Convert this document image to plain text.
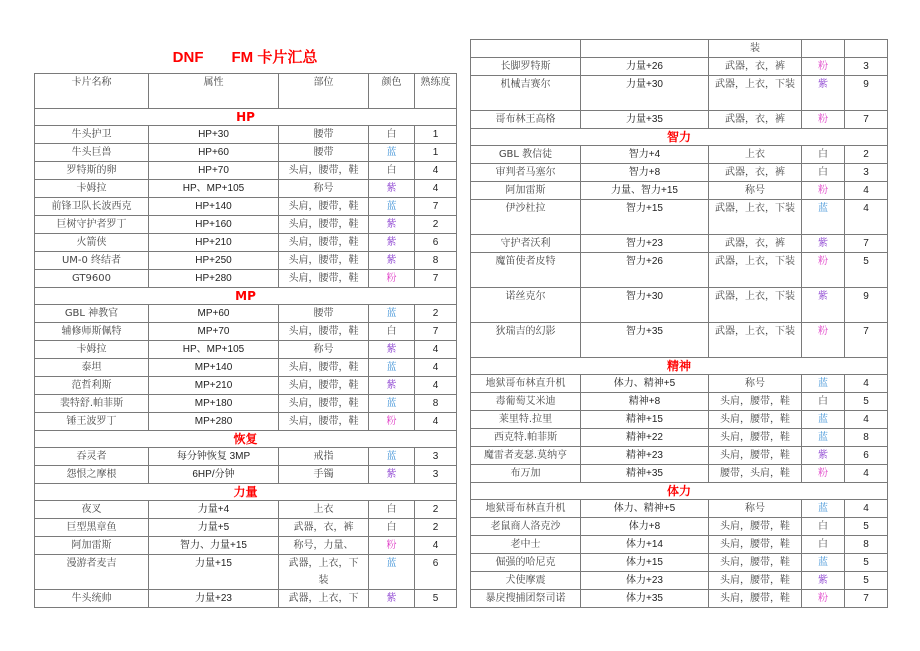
DNF FM 卡片汇总
卡片名称	属性	部位	颜色	熟练度
HP				
牛头护卫	HP+30	腰带	白	1
牛头巨兽	HP+60	腰带	蓝	1
罗特斯的卵	HP+70	头肩，腰带，鞋	白	4
卡姆拉	HP、MP+105	称号	紫	4
前锋卫队长波西克	HP+140	头肩，腰带，鞋	蓝	7
巨树守护者罗丁	HP+160	头肩，腰带，鞋	紫	2
火箭侠	HP+210	头肩，腰带，鞋	紫	6
UM-0 终结者	HP+250	头肩，腰带，鞋	紫	8
GT9600	HP+280	头肩，腰带，鞋	粉	7
MP				
GBL 神教官	MP+60	腰带	蓝	2
辅修师斯佩特	MP+70	头肩，腰带，鞋	白	7
卡姆拉	HP、MP+105	称号	紫	4
泰坦	MP+140	头肩，腰带，鞋	蓝	4
范哲利斯	MP+210	头肩，腰带，鞋	紫	4
裴特舒.帕菲斯	MP+180	头肩，腰带，鞋	蓝	8
锤王波罗丁	MP+280	头肩，腰带，鞋	粉	4
恢复				
吞灵者	每分钟恢复 3MP	戒指	蓝	3
怨恨之摩根	6HP/分钟	手镯	紫	3
力量				
夜叉	力量+4	上衣	白	2
巨型黑章鱼	力量+5	武器，衣，裤	白	2
阿加雷斯	智力、力量+15	称号，力量、	粉	4
漫游者麦吉	力量+15	武器，上衣，下装	蓝	6
牛头统帅	力量+23	武器，上衣，下	紫	5
		装		
长脚罗特斯	力量+26	武器，衣，裤	粉	3
机械吉赛尔	力量+30	武器，上衣，下装	紫	9
哥布林王高格	力量+35	武器，衣，裤	粉	7
智力				
GBL 教信徒	智力+4	上衣	白	2
审判者马塞尔	智力+8	武器，衣，裤	白	3
阿加雷斯	力量、智力+15	称号	粉	4
伊沙杜拉	智力+15	武器，上衣，下装	蓝	4
守护者沃利	智力+23	武器，衣，裤	紫	7
魔笛使者皮特	智力+26	武器，上衣，下装	粉	5
诺丝克尔	智力+30	武器，上衣，下装	紫	9
狄瑞吉的幻影	智力+35	武器，上衣，下装	粉	7
精神				
地狱哥布林直升机	体力、精神+5	称号	蓝	4
毒葡萄艾米迪	精神+8	头肩，腰带，鞋	白	5
莱里特.拉里	精神+15	头肩，腰带，鞋	蓝	4
西克特.帕菲斯	精神+22	头肩，腰带，鞋	蓝	8
魔雷者麦瑟.莫纳亨	精神+23	头肩，腰带，鞋	紫	6
布万加	精神+35	腰带，头肩，鞋	粉	4
体力				
地狱哥布林直升机	体力、精神+5	称号	蓝	4
老鼠商人洛克沙	体力+8	头肩，腰带，鞋	白	5
老中士	体力+14	头肩，腰带，鞋	白	8
倔强的哈尼克	体力+15	头肩，腰带，鞋	蓝	5
犬使摩震	体力+23	头肩，腰带，鞋	紫	5
暴戾搜捕团祭司诺	体力+35	头肩，腰带，鞋	粉	7
